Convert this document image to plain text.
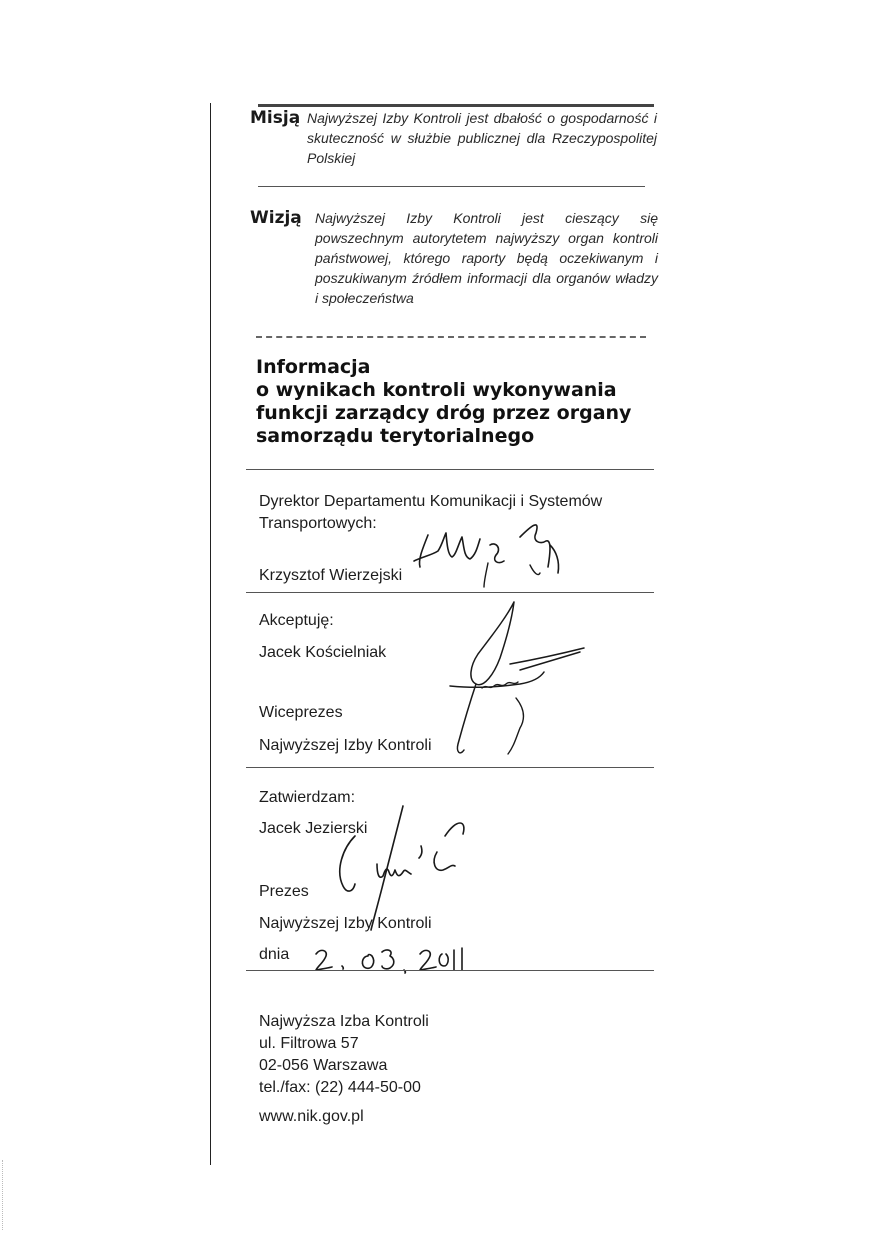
Misją Najwyższej Izby Kontroli jest dbałość o gospodarność i skuteczność w służbie publicznej dla Rzeczypospolitej Polskiej
Wizją Najwyższej Izby Kontroli jest cieszący się powszechnym autorytetem najwyższy organ kontroli państwowej, którego raporty będą oczekiwanym i poszukiwanym źródłem informacji dla organów władzy i społeczeństwa
Informacja
o wynikach kontroli wykonywania
funkcji zarządcy dróg przez organy
samorządu terytorialnego
Dyrektor Departamentu Komunikacji i Systemów
Transportowych:
Krzysztof Wierzejski
Akceptuję:
Jacek Kościelniak
Wiceprezes
Najwyższej Izby Kontroli
Zatwierdzam:
Jacek Jezierski
Prezes
Najwyższej Izby Kontroli
dnia
Najwyższa Izba Kontroli
ul. Filtrowa 57
02-056 Warszawa
tel./fax: (22) 444-50-00
www.nik.gov.pl
